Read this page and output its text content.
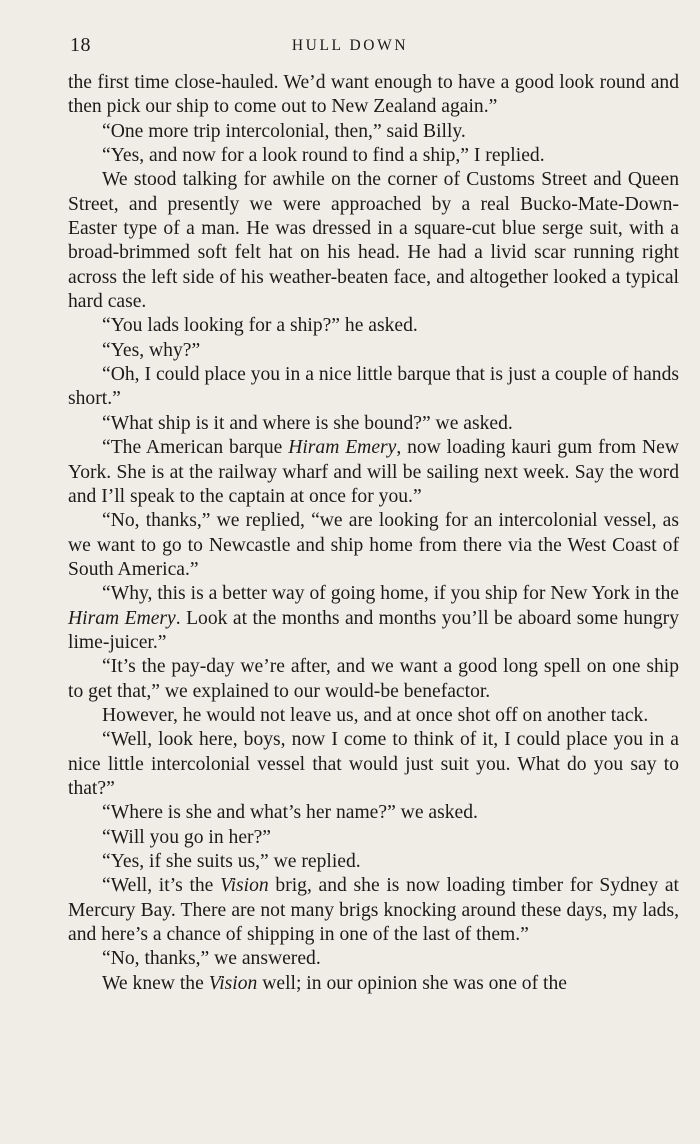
18	HULL DOWN

the first time close-hauled. We’d want enough to have a good look round and then pick our ship to come out to New Zealand again.”

“One more trip intercolonial, then,” said Billy.

“Yes, and now for a look round to find a ship,” I replied.

We stood talking for awhile on the corner of Customs Street and Queen Street, and presently we were approached by a real Bucko-Mate-Down-Easter type of a man. He was dressed in a square-cut blue serge suit, with a broad-brimmed soft felt hat on his head. He had a livid scar running right across the left side of his weather-beaten face, and altogether looked a typical hard case.

“You lads looking for a ship?” he asked.

“Yes, why?”

“Oh, I could place you in a nice little barque that is just a couple of hands short.”

“What ship is it and where is she bound?” we asked.

“The American barque Hiram Emery, now loading kauri gum from New York. She is at the railway wharf and will be sailing next week. Say the word and I’ll speak to the captain at once for you.”

“No, thanks,” we replied, “we are looking for an intercolonial vessel, as we want to go to Newcastle and ship home from there via the West Coast of South America.”

“Why, this is a better way of going home, if you ship for New York in the Hiram Emery. Look at the months and months you’ll be aboard some hungry lime-juicer.”

“It’s the pay-day we’re after, and we want a good long spell on one ship to get that,” we explained to our would-be benefactor.

However, he would not leave us, and at once shot off on another tack.

“Well, look here, boys, now I come to think of it, I could place you in a nice little intercolonial vessel that would just suit you. What do you say to that?”

“Where is she and what’s her name?” we asked.

“Will you go in her?”

“Yes, if she suits us,” we replied.

“Well, it’s the Vision brig, and she is now loading timber for Sydney at Mercury Bay. There are not many brigs knocking around these days, my lads, and here’s a chance of shipping in one of the last of them.”

“No, thanks,” we answered.

We knew the Vision well; in our opinion she was one of the
